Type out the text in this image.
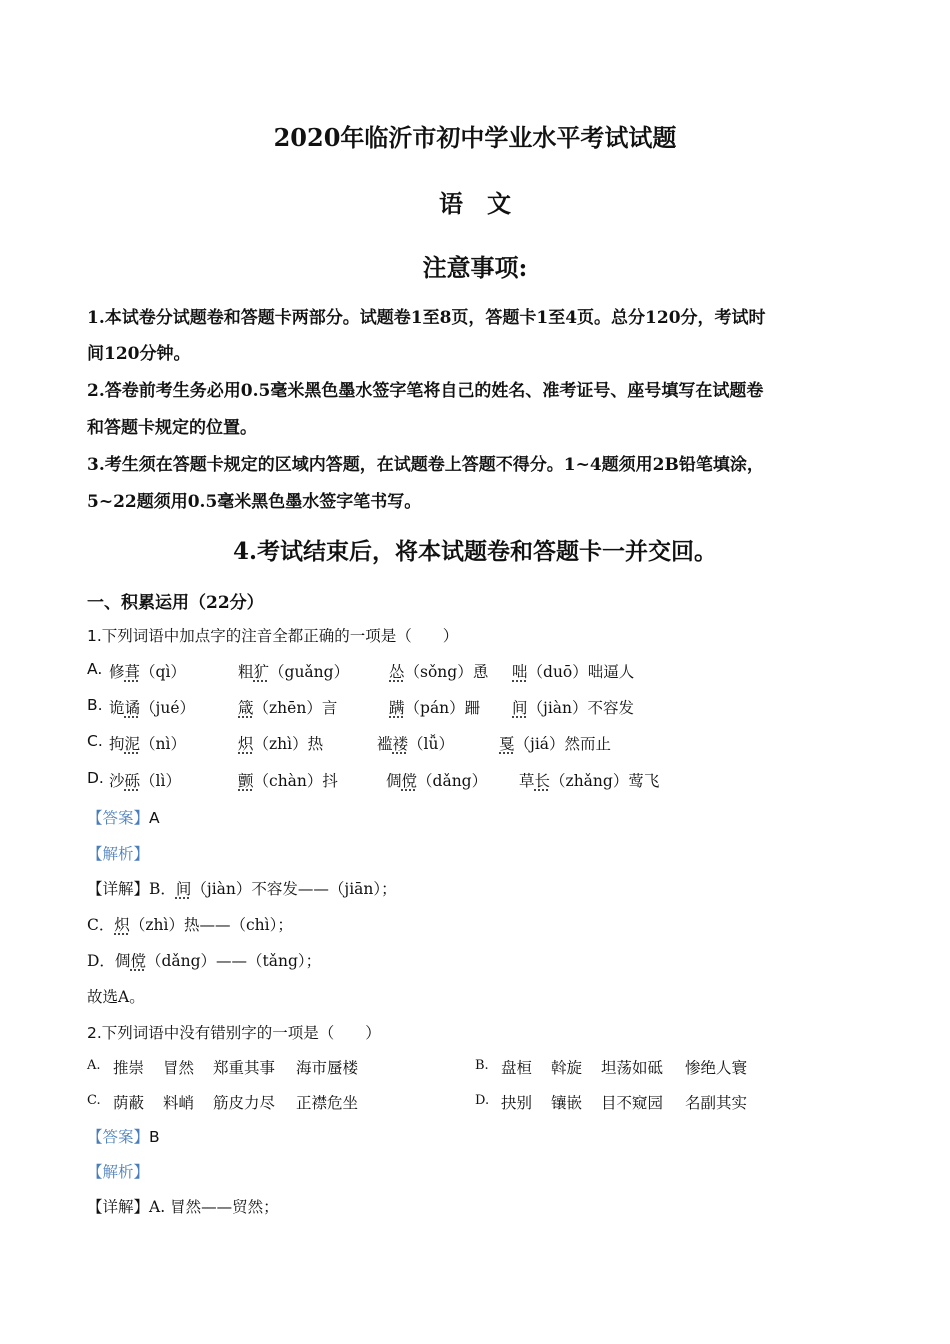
2020年临沂市初中学业水平考试试题
语　文
注意事项:
1.本试卷分试题卷和答题卡两部分。试题卷1至8页，答题卡1至4页。总分120分，考试时
间120分钟。
2.答卷前考生务必用0.5毫米黑色墨水签字笔将自己的姓名、准考证号、座号填写在试题卷
和答题卡规定的位置。
3.考生须在答题卡规定的区域内答题，在试题卷上答题不得分。1~4题须用2B铅笔填涂，
5~22题须用0.5毫米黑色墨水签字笔书写。
4.考试结束后，将本试题卷和答题卡一并交回。
一、积累运用（22分）
1.下列词语中加点字的注音全都正确的一项是（　　）
A. 修葺（qì）	粗犷（guǎng）	怂（sǒng）恿 咄（duō）咄逼人
B. 诡谲（jué）	箴（zhēn）言	蹒（pán）跚 间（jiàn）不容发
C. 拘泥（nì）	炽（zhì）热	褴褛（lǚ）	戛（jiá）然而止
D. 沙砾（lì）	颤（chàn）抖	倜傥（dǎng） 草长（zhǎng）莺飞
【答案】A
【解析】
【详解】B．间（jiàn）不容发——（jiān）；
C．炽（zhì）热——（chì）；
D．倜傥（dǎng）——（tǎng）；
故选A。
2.下列词语中没有错别字的一项是（　　）
A. 推崇 冒然 郑重其事 海市蜃楼	B. 盘桓 斡旋 坦荡如砥 惨绝人寰
C. 荫蔽 料峭 筋皮力尽 正襟危坐	D. 抉别 镶嵌 目不窥园 名副其实
【答案】B
【解析】
【详解】A. 冒然——贸然；
